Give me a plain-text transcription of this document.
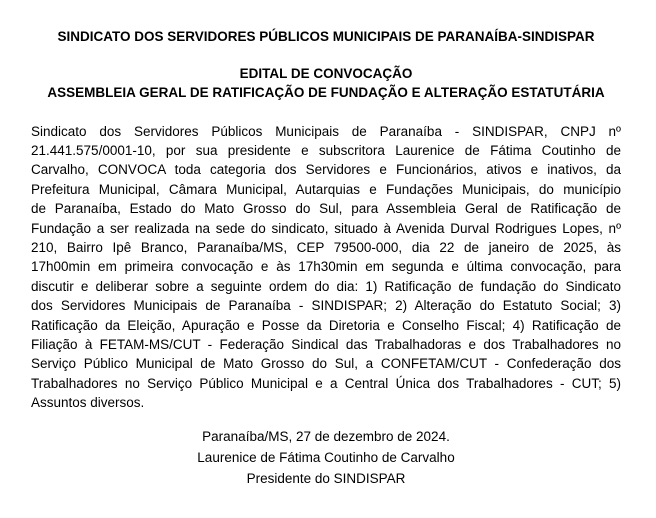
SINDICATO DOS SERVIDORES PÚBLICOS MUNICIPAIS DE PARANAÍBA-SINDISPAR
EDITAL DE CONVOCAÇÃO
ASSEMBLEIA GERAL DE RATIFICAÇÃO DE FUNDAÇÃO E ALTERAÇÃO ESTATUTÁRIA
Sindicato dos Servidores Públicos Municipais de Paranaíba - SINDISPAR, CNPJ nº
21.441.575/0001-10, por sua presidente e subscritora Laurenice de Fátima Coutinho de
Carvalho, CONVOCA toda categoria dos Servidores e Funcionários, ativos e inativos, da
Prefeitura Municipal, Câmara Municipal, Autarquias e Fundações Municipais, do município
de Paranaíba, Estado do Mato Grosso do Sul, para Assembleia Geral de Ratificação de
Fundação a ser realizada na sede do sindicato, situado à Avenida Durval Rodrigues Lopes, nº
210, Bairro Ipê Branco, Paranaíba/MS, CEP 79500-000, dia 22 de janeiro de 2025, às
17h00min em primeira convocação e às 17h30min em segunda e última convocação, para
discutir e deliberar sobre a seguinte ordem do dia: 1) Ratificação de fundação do Sindicato
dos Servidores Municipais de Paranaíba - SINDISPAR; 2) Alteração do Estatuto Social; 3)
Ratificação da Eleição, Apuração e Posse da Diretoria e Conselho Fiscal; 4) Ratificação de
Filiação à FETAM-MS/CUT - Federação Sindical das Trabalhadoras e dos Trabalhadores no
Serviço Público Municipal de Mato Grosso do Sul, a CONFETAM/CUT - Confederação dos
Trabalhadores no Serviço Público Municipal e a Central Única dos Trabalhadores - CUT; 5)
Assuntos diversos.
Paranaíba/MS, 27 de dezembro de 2024.
Laurenice de Fátima Coutinho de Carvalho
Presidente do SINDISPAR
